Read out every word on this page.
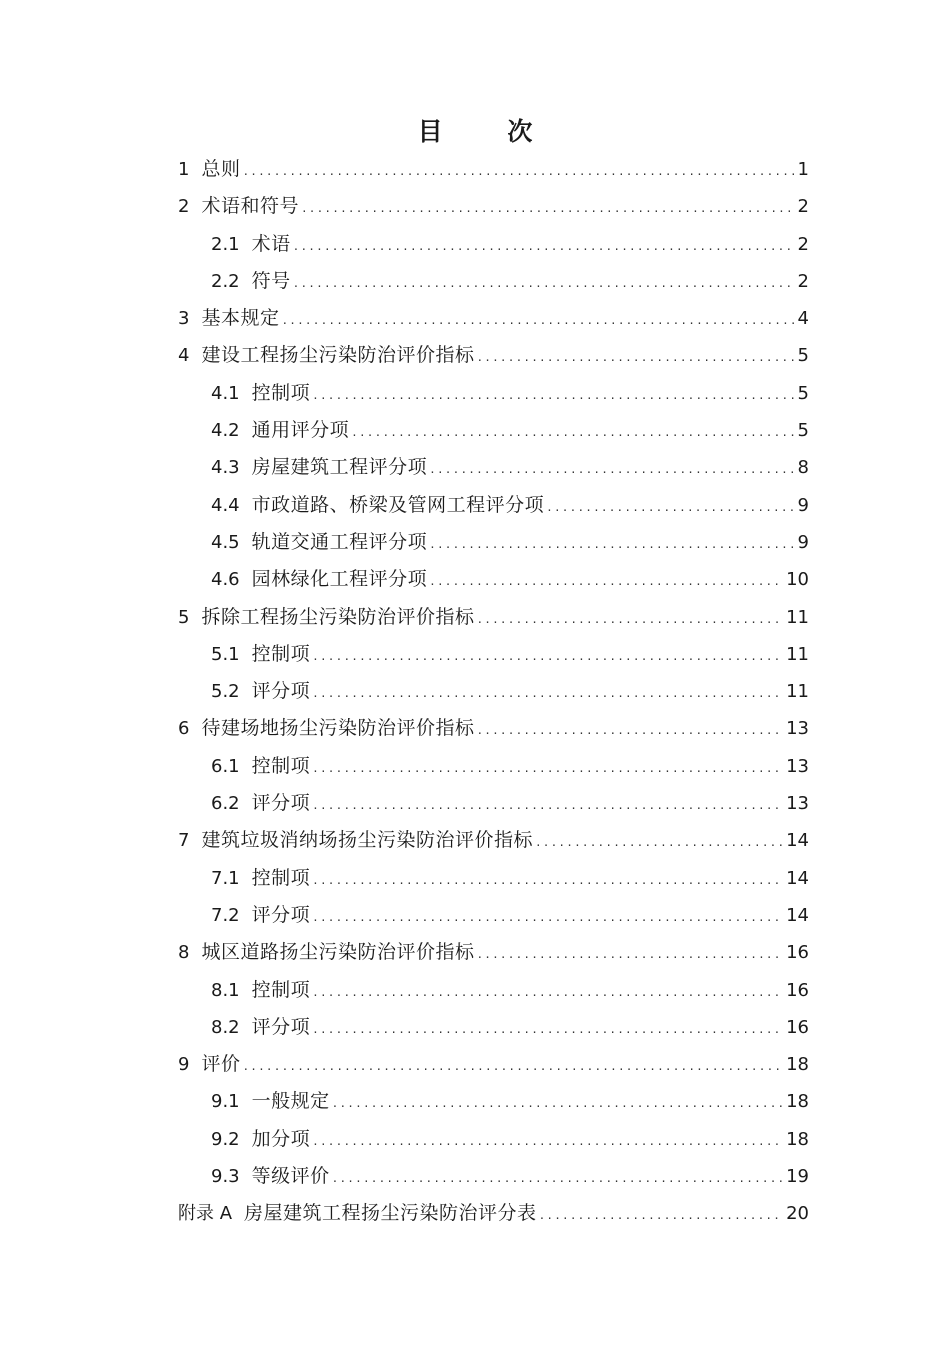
目 次
1 总则 .....	1
2 术语和符号 .....	2
2.1 术语 .....	2
2.2 符号 .....	2
3 基本规定 .....	4
4 建设工程扬尘污染防治评价指标 .....	5
4.1 控制项 .....	5
4.2 通用评分项 .....	5
4.3 房屋建筑工程评分项 .....	8
4.4 市政道路、桥梁及管网工程评分项 .....	9
4.5 轨道交通工程评分项 .....	9
4.6 园林绿化工程评分项 .....	10
5 拆除工程扬尘污染防治评价指标 .....	11
5.1 控制项 .....	11
5.2 评分项 .....	11
6 待建场地扬尘污染防治评价指标 .....	13
6.1 控制项 .....	13
6.2 评分项 .....	13
7 建筑垃圾消纳场扬尘污染防治评价指标 .....	14
7.1 控制项 .....	14
7.2 评分项 .....	14
8 城区道路扬尘污染防治评价指标 .....	16
8.1 控制项 .....	16
8.2 评分项 .....	16
9 评价 .....	18
9.1 一般规定 .....	18
9.2 加分项 .....	18
9.3 等级评价 .....	19
附录 A 房屋建筑工程扬尘污染防治评分表 .....	20
